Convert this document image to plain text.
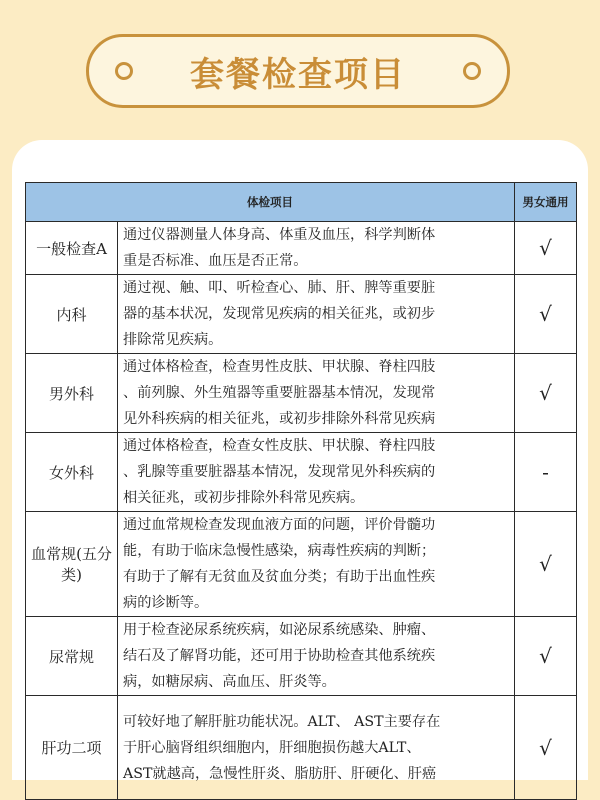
套餐检查项目
体检项目		男女通用
一般检查A	通过仪器测量人体身高、体重及血压，科学判断体
重是否标准、血压是否正常。	√
内科	通过视、触、叩、听检查心、肺、肝、脾等重要脏
器的基本状况，发现常见疾病的相关征兆，或初步
排除常见疾病。	√
男外科	通过体格检查，检查男性皮肤、甲状腺、脊柱四肢
、前列腺、外生殖器等重要脏器基本情况，发现常
见外科疾病的相关征兆，或初步排除外科常见疾病	√
女外科	通过体格检查，检查女性皮肤、甲状腺、脊柱四肢
、乳腺等重要脏器基本情况，发现常见外科疾病的
相关征兆，或初步排除外科常见疾病。	-
血常规(五分类)	通过血常规检查发现血液方面的问题，评价骨髓功
能，有助于临床急慢性感染，病毒性疾病的判断；
有助于了解有无贫血及贫血分类；有助于出血性疾
病的诊断等。	√
尿常规	用于检查泌尿系统疾病，如泌尿系统感染、肿瘤、
结石及了解肾功能，还可用于协助检查其他系统疾
病，如糖尿病、高血压、肝炎等。	√
肝功二项	可较好地了解肝脏功能状况。ALT、 AST主要存在
于肝心脑肾组织细胞内，肝细胞损伤越大ALT、
AST就越高，急慢性肝炎、脂肪肝、肝硬化、肝癌	√
